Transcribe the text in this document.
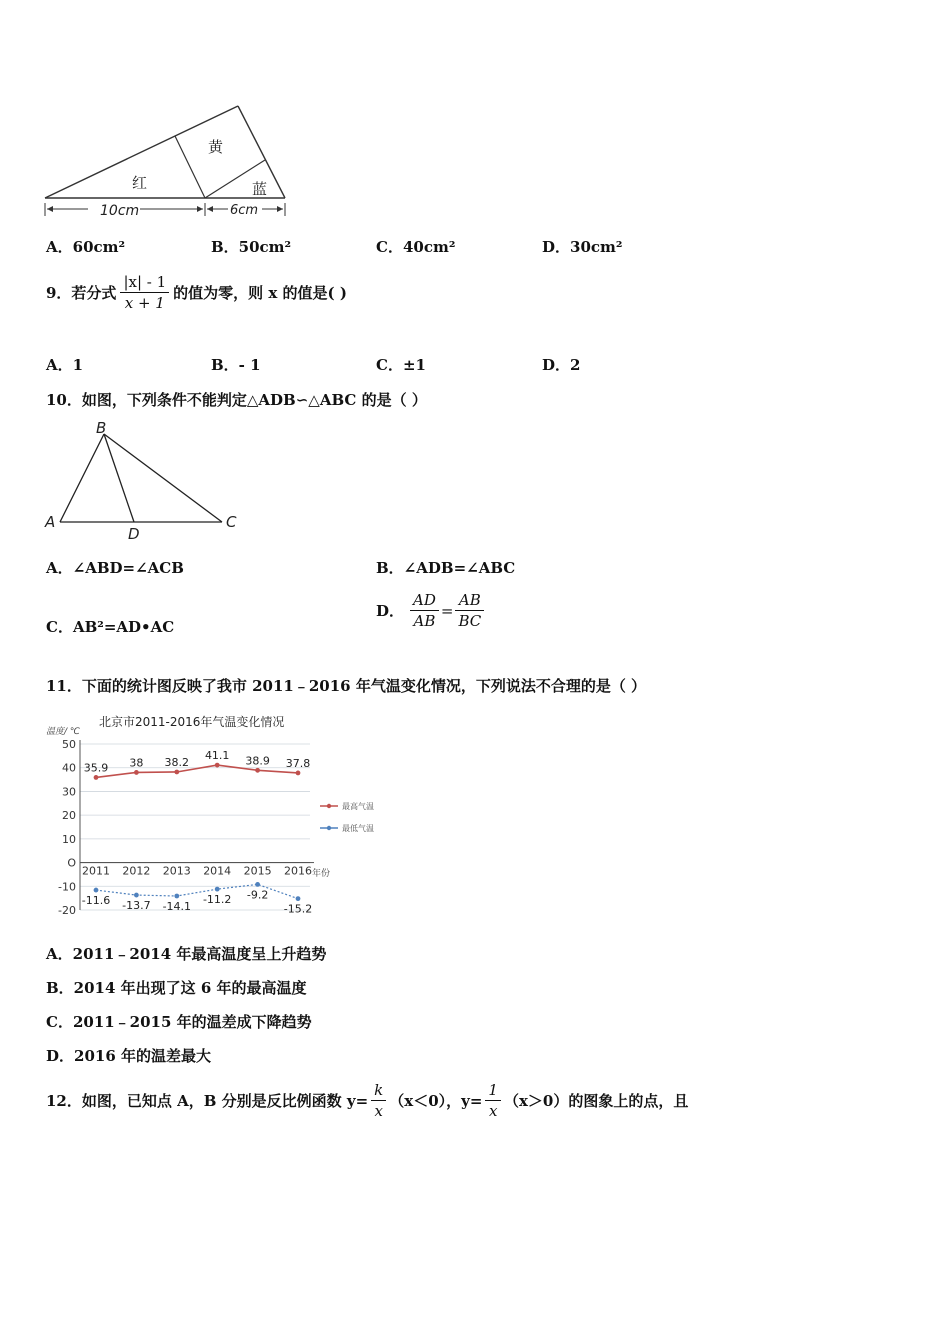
黄
红	蓝
10cm	6cm
A．60cm²	B．50cm²	C．40cm²	D．30cm²
9．若分式 $\frac{|x| - 1}{x + 1}$ 的值为零，则 x 的值是( )
A．1	B．- 1	C．±1	D．2
10．如图，下列条件不能判定△ADB∽△ABC 的是（ ）
B
A
D
C
A．∠ABD=∠ACB	B．∠ADB=∠ABC
C．AB²=AD•AC
D． $\frac{AD}{AB} = \frac{AB}{BC}$
11．下面的统计图反映了我市 2011﹣2016 年气温变化情况，下列说法不合理的是（ ）
北京市2011-2016年气温变化情况
温度/ ℃
年份
50
40
30
20
10
O
-10
-20
2011 2012 2013 2014 2015 2016
35.9 38 38.2
41.1 38.9 37.8
-11.6 -13.7 -14.1
-11.2 -9.2
-15.2
最高气温
最低气温
A．2011﹣2014 年最高温度呈上升趋势
B．2014 年出现了这 6 年的最高温度
C．2011﹣2015 年的温差成下降趋势
D．2016 年的温差最大
12．如图，已知点 A，B 分别是反比例函数 $y= \frac{k}{x} (x<0)$，$y= \frac{1}{x} (x>0)$的图象上的点，且
